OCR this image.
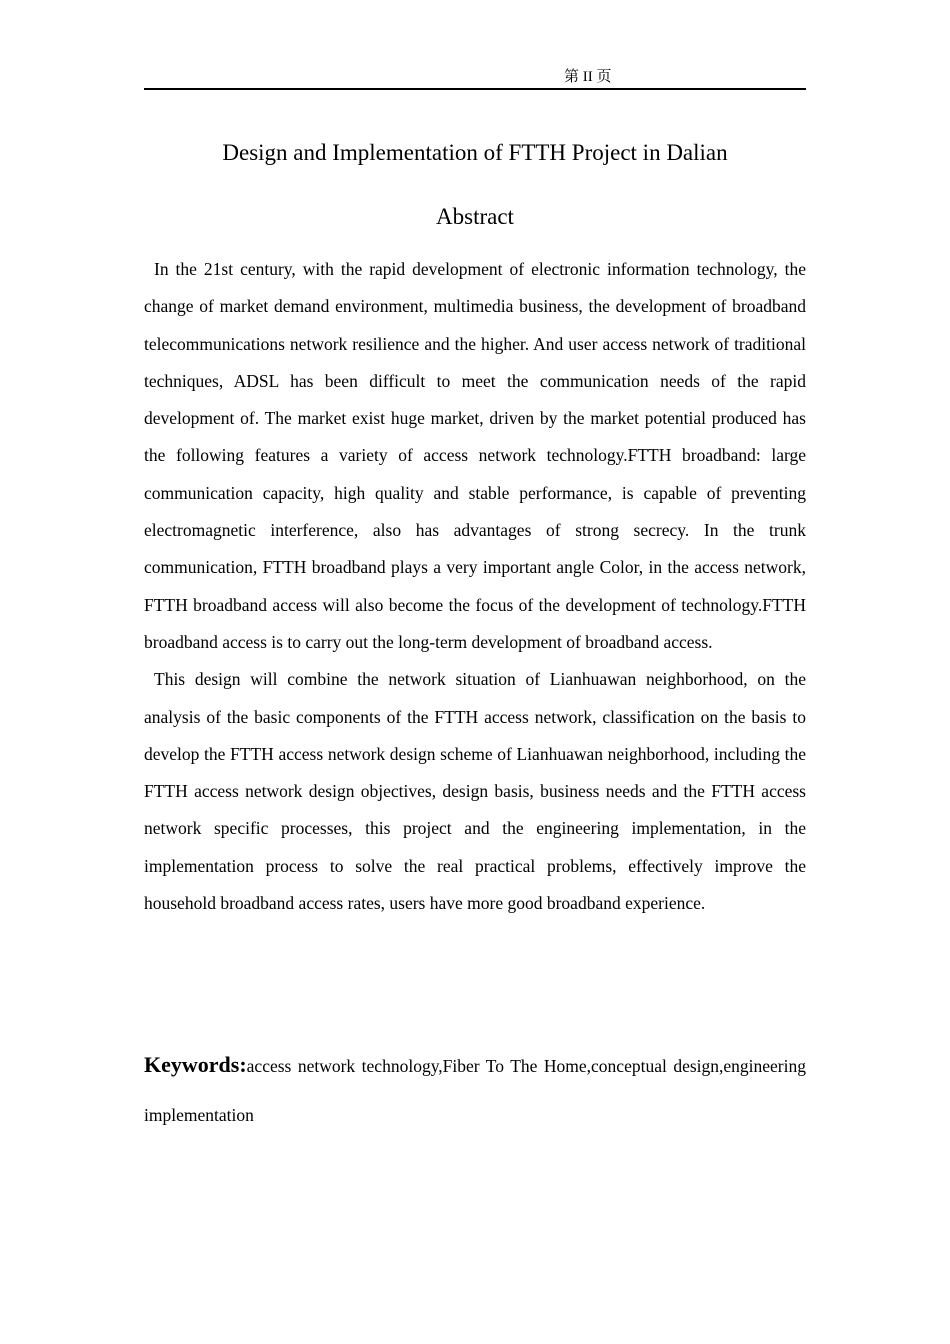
第 II 页
Design and Implementation of FTTH Project in Dalian
Abstract

In the 21st century, with the rapid development of electronic information technology, the change of market demand environment, multimedia business, the development of broadband telecommunications network resilience and the higher. And user access network of traditional techniques, ADSL has been difficult to meet the communication needs of the rapid development of. The market exist huge market, driven by the market potential produced has the following features a variety of access network technology.FTTH broadband: large communication capacity, high quality and stable performance, is capable of preventing electromagnetic interference, also has advantages of strong secrecy. In the trunk communication, FTTH broadband plays a very important angle Color, in the access network, FTTH broadband access will also become the focus of the development of technology.FTTH broadband access is to carry out the long-term development of broadband access.

This design will combine the network situation of Lianhuawan neighborhood, on the analysis of the basic components of the FTTH access network, classification on the basis to develop the FTTH access network design scheme of Lianhuawan neighborhood, including the FTTH access network design objectives, design basis, business needs and the FTTH access network specific processes, this project and the engineering implementation, in the implementation process to solve the real practical problems, effectively improve the household broadband access rates, users have more good broadband experience.

Keywords:access network technology,Fiber To The Home,conceptual design,engineering implementation
